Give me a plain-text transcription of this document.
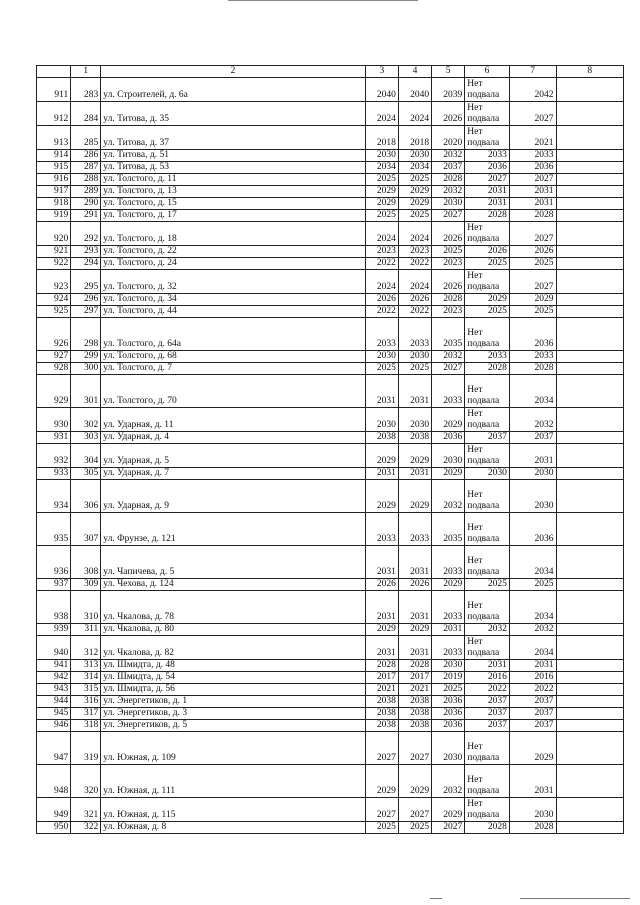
	1	2	3	4	5	6	7	8
911	283	ул. Строителей, д. 6а	2040	2040	2039	Нет подвала	2042	
912	284	ул. Титова, д. 35	2024	2024	2026	Нет подвала	2027	
913	285	ул. Титова, д. 37	2018	2018	2020	Нет подвала	2021	
914	286	ул. Титова, д. 51	2030	2030	2032	2033	2033	
915	287	ул. Титова, д. 53	2034	2034	2037	2036	2036	
916	288	ул. Толстого, д. 11	2025	2025	2028	2027	2027	
917	289	ул. Толстого, д. 13	2029	2029	2032	2031	2031	
918	290	ул. Толстого, д. 15	2029	2029	2030	2031	2031	
919	291	ул. Толстого, д. 17	2025	2025	2027	2028	2028	
920	292	ул. Толстого, д. 18	2024	2024	2026	Нет подвала	2027	
921	293	ул. Толстого, д. 22	2023	2023	2025	2026	2026	
922	294	ул. Толстого, д. 24	2022	2022	2023	2025	2025	
923	295	ул. Толстого, д. 32	2024	2024	2026	Нет подвала	2027	
924	296	ул. Толстого, д. 34	2026	2026	2028	2029	2029	
925	297	ул. Толстого, д. 44	2022	2022	2023	2025	2025	
926	298	ул. Толстого, д. 64а	2033	2033	2035	Нет подвала	2036	
927	299	ул. Толстого, д. 68	2030	2030	2032	2033	2033	
928	300	ул. Толстого, д. 7	2025	2025	2027	2028	2028	
929	301	ул. Толстого, д. 70	2031	2031	2033	Нет подвала	2034	
930	302	ул. Ударная, д. 11	2030	2030	2029	Нет подвала	2032	
931	303	ул. Ударная, д. 4	2038	2038	2036	2037	2037	
932	304	ул. Ударная, д. 5	2029	2029	2030	Нет подвала	2031	
933	305	ул. Ударная, д. 7	2031	2031	2029	2030	2030	
934	306	ул. Ударная, д. 9	2029	2029	2032	Нет подвала	2030	
935	307	ул. Фрунзе, д. 121	2033	2033	2035	Нет подвала	2036	
936	308	ул. Чапичева, д. 5	2031	2031	2033	Нет подвала	2034	
937	309	ул. Чехова, д. 124	2026	2026	2029	2025	2025	
938	310	ул. Чкалова, д. 78	2031	2031	2033	Нет подвала	2034	
939	311	ул. Чкалова, д. 80	2029	2029	2031	2032	2032	
940	312	ул. Чкалова, д. 82	2031	2031	2033	Нет подвала	2034	
941	313	ул. Шмидта, д. 48	2028	2028	2030	2031	2031	
942	314	ул. Шмидта, д. 54	2017	2017	2019	2016	2016	
943	315	ул. Шмидта, д. 56	2021	2021	2025	2022	2022	
944	316	ул. Энергетиков, д. 1	2038	2038	2036	2037	2037	
945	317	ул. Энергетиков, д. 3	2038	2038	2036	2037	2037	
946	318	ул. Энергетиков, д. 5	2038	2038	2036	2037	2037	
947	319	ул. Южная, д. 109	2027	2027	2030	Нет подвала	2029	
948	320	ул. Южная, д. 111	2029	2029	2032	Нет подвала	2031	
949	321	ул. Южная, д. 115	2027	2027	2029	Нет подвала	2030	
950	322	ул. Южная, д. 8	2025	2025	2027	2028	2028	
